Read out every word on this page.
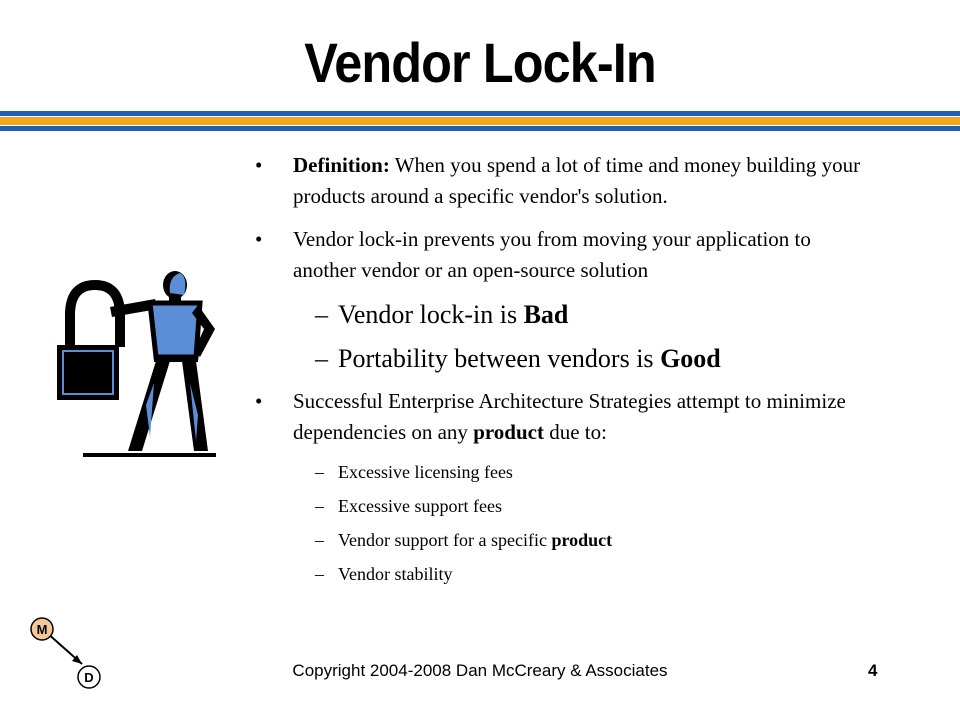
Vendor Lock-In
• Definition: When you spend a lot of time and money building your products around a specific vendor's solution.
• Vendor lock-in prevents you from moving your application to another vendor or an open-source solution
– Vendor lock-in is Bad
– Portability between vendors is Good
• Successful Enterprise Architecture Strategies attempt to minimize dependencies on any product due to:
– Excessive licensing fees
– Excessive support fees
– Vendor support for a specific product
– Vendor stability
M
D	Copyright 2004-2008 Dan McCreary & Associates	4
